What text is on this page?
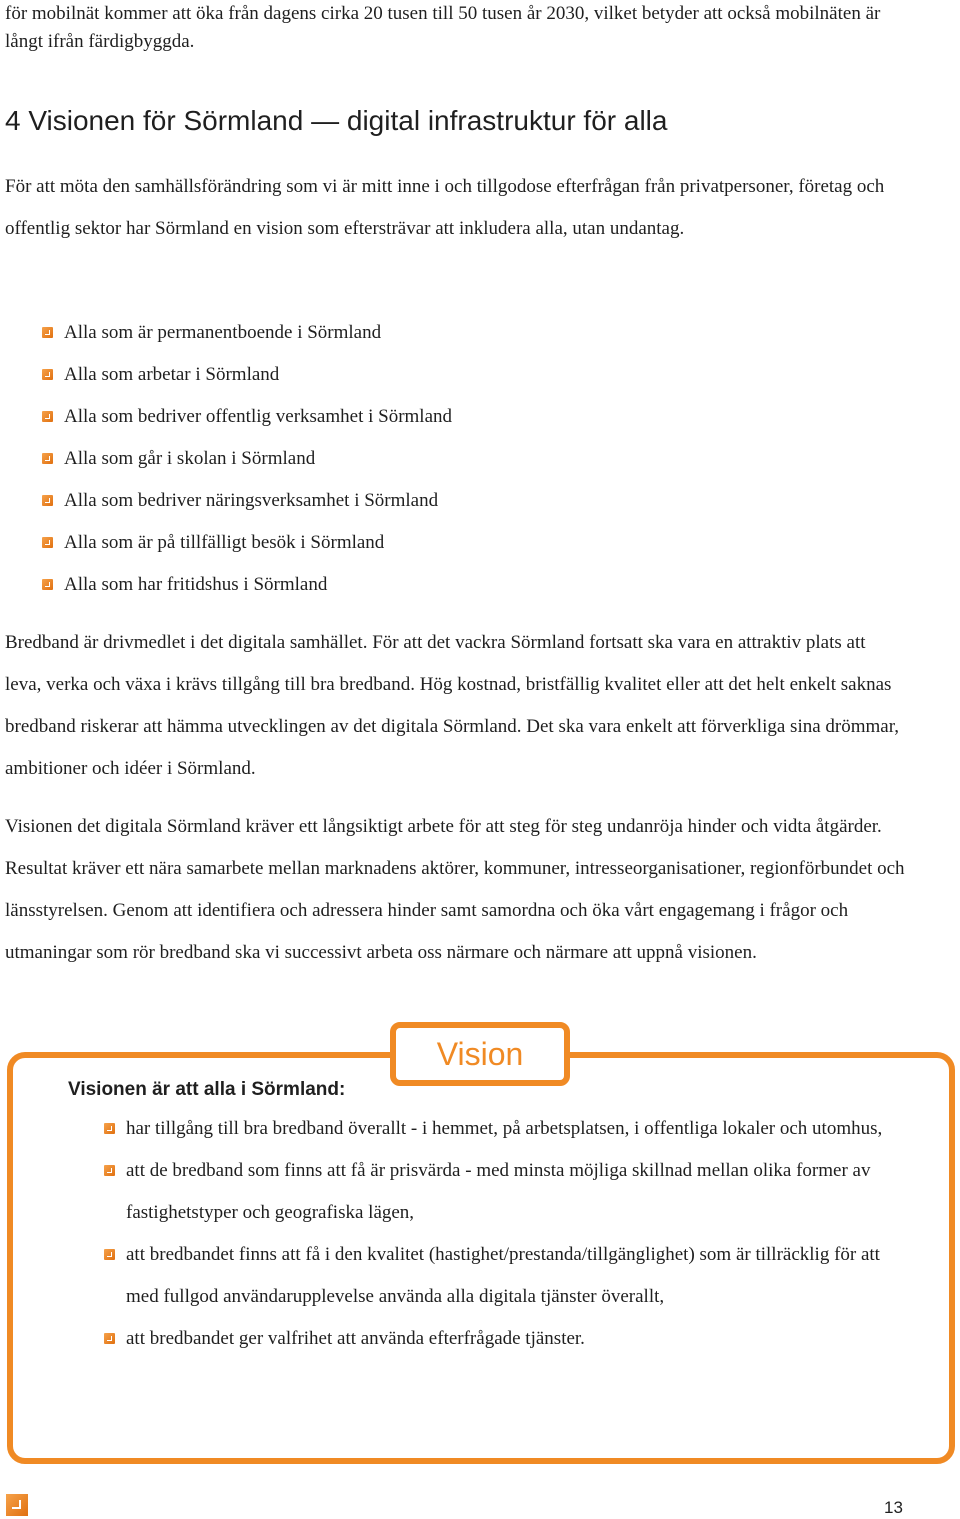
för mobilnät kommer att öka från dagens cirka 20 tusen till 50 tusen år 2030, vilket betyder att också mobilnäten är långt ifrån färdigbyggda.

4 Visionen för Sörmland — digital infrastruktur för alla

För att möta den samhällsförändring som vi är mitt inne i och tillgodose efterfrågan från privatpersoner, företag och offentlig sektor har Sörmland en vision som eftersträvar att inkludera alla, utan undantag.

Alla som är permanentboende i Sörmland
Alla som arbetar i Sörmland
Alla som bedriver offentlig verksamhet i Sörmland
Alla som går i skolan i Sörmland
Alla som bedriver näringsverksamhet i Sörmland
Alla som är på tillfälligt besök i Sörmland
Alla som har fritidshus i Sörmland

Bredband är drivmedlet i det digitala samhället. För att det vackra Sörmland fortsatt ska vara en attraktiv plats att leva, verka och växa i krävs tillgång till bra bredband. Hög kostnad, bristfällig kvalitet eller att det helt enkelt saknas bredband riskerar att hämma utvecklingen av det digitala Sörmland. Det ska vara enkelt att förverkliga sina drömmar, ambitioner och idéer i Sörmland.

Visionen det digitala Sörmland kräver ett långsiktigt arbete för att steg för steg undanröja hinder och vidta åtgärder. Resultat kräver ett nära samarbete mellan marknadens aktörer, kommuner, intresseorganisationer, regionförbundet och länsstyrelsen. Genom att identifiera och adressera hinder samt samordna och öka vårt engagemang i frågor och utmaningar som rör bredband ska vi successivt arbeta oss närmare och närmare att uppnå visionen.

Vision

Visionen är att alla i Sörmland:

har tillgång till bra bredband överallt - i hemmet, på arbetsplatsen, i offentliga lokaler och utomhus,
att de bredband som finns att få är prisvärda - med minsta möjliga skillnad mellan olika former av fastighetstyper och geografiska lägen,
att bredbandet finns att få i den kvalitet (hastighet/prestanda/tillgänglighet) som är tillräcklig för att med fullgod användarupplevelse använda alla digitala tjänster överallt,
att bredbandet ger valfrihet att använda efterfrågade tjänster.
13
